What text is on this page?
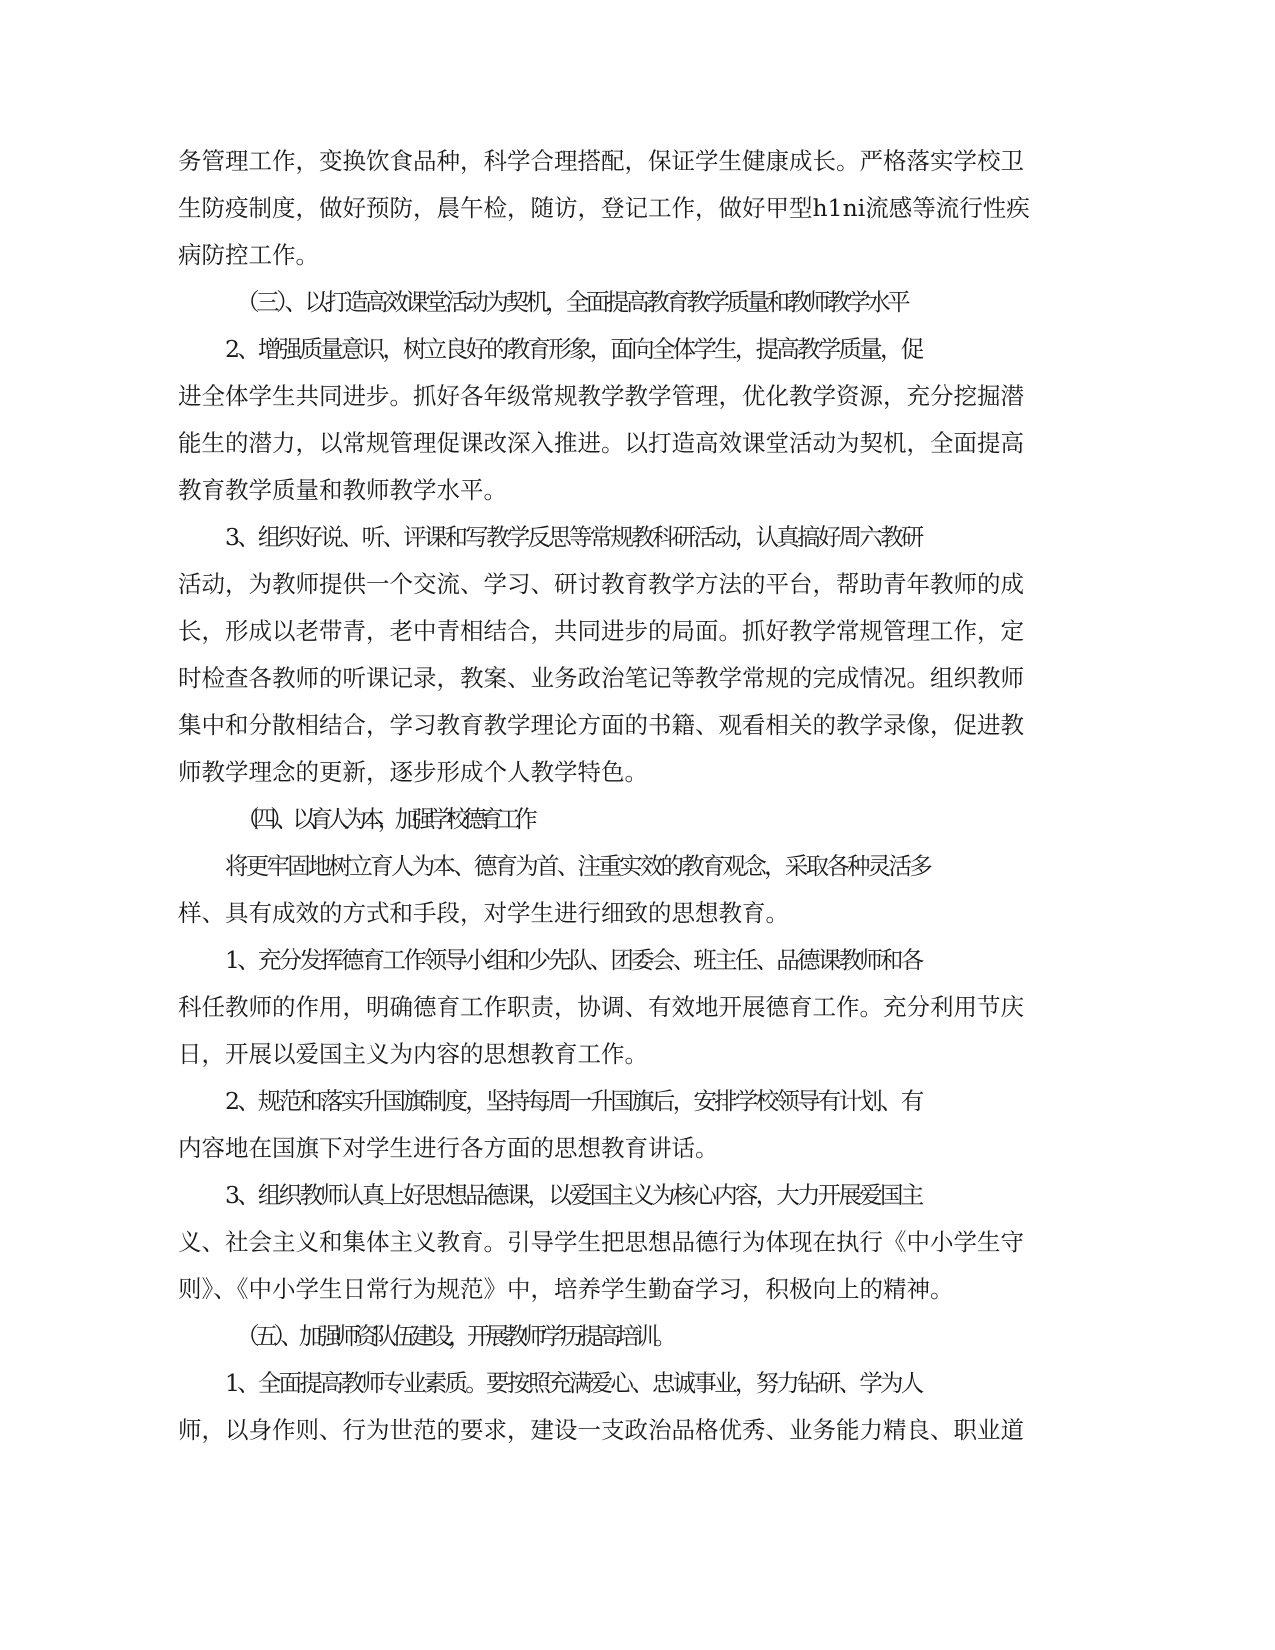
务管理工作，变换饮食品种，科学合理搭配，保证学生健康成长。严格落实学校卫
生防疫制度，做好预防，晨午检，随访，登记工作，做好甲型h1ni流感等流行性疾
病防控工作。
（三）、以打造高效课堂活动为契机，全面提高教育教学质量和教师教学水平
2、增强质量意识，树立良好的教育形象，面向全体学生，提高教学质量，促
进全体学生共同进步。抓好各年级常规教学教学管理，优化教学资源，充分挖掘潜
能生的潜力，以常规管理促课改深入推进。以打造高效课堂活动为契机，全面提高
教育教学质量和教师教学水平。
3、组织好说、听、评课和写教学反思等常规教科研活动，认真搞好周六教研
活动，为教师提供一个交流、学习、研讨教育教学方法的平台，帮助青年教师的成
长，形成以老带青，老中青相结合，共同进步的局面。抓好教学常规管理工作，定
时检查各教师的听课记录，教案、业务政治笔记等教学常规的完成情况。组织教师
集中和分散相结合，学习教育教学理论方面的书籍、观看相关的教学录像，促进教
师教学理念的更新，逐步形成个人教学特色。
（四）、以育人为本，加强学校德育工作
将更牢固地树立育人为本、德育为首、注重实效的教育观念，采取各种灵活多
样、具有成效的方式和手段，对学生进行细致的思想教育。
1、充分发挥德育工作领导小组和少先队、团委会、班主任、品德课教师和各
科任教师的作用，明确德育工作职责，协调、有效地开展德育工作。充分利用节庆
日，开展以爱国主义为内容的思想教育工作。
2、规范和落实升国旗制度，坚持每周一升国旗后，安排学校领导有计划、有
内容地在国旗下对学生进行各方面的思想教育讲话。
3、组织教师认真上好思想品德课，以爱国主义为核心内容，大力开展爱国主
义、社会主义和集体主义教育。引导学生把思想品德行为体现在执行《中小学生守
则》、《中小学生日常行为规范》中，培养学生勤奋学习，积极向上的精神。
（五）、加强师资队伍建设，开展教师学历提高培训。
1、全面提高教师专业素质。要按照充满爱心、忠诚事业，努力钻研、学为人
师，以身作则、行为世范的要求，建设一支政治品格优秀、业务能力精良、职业道
